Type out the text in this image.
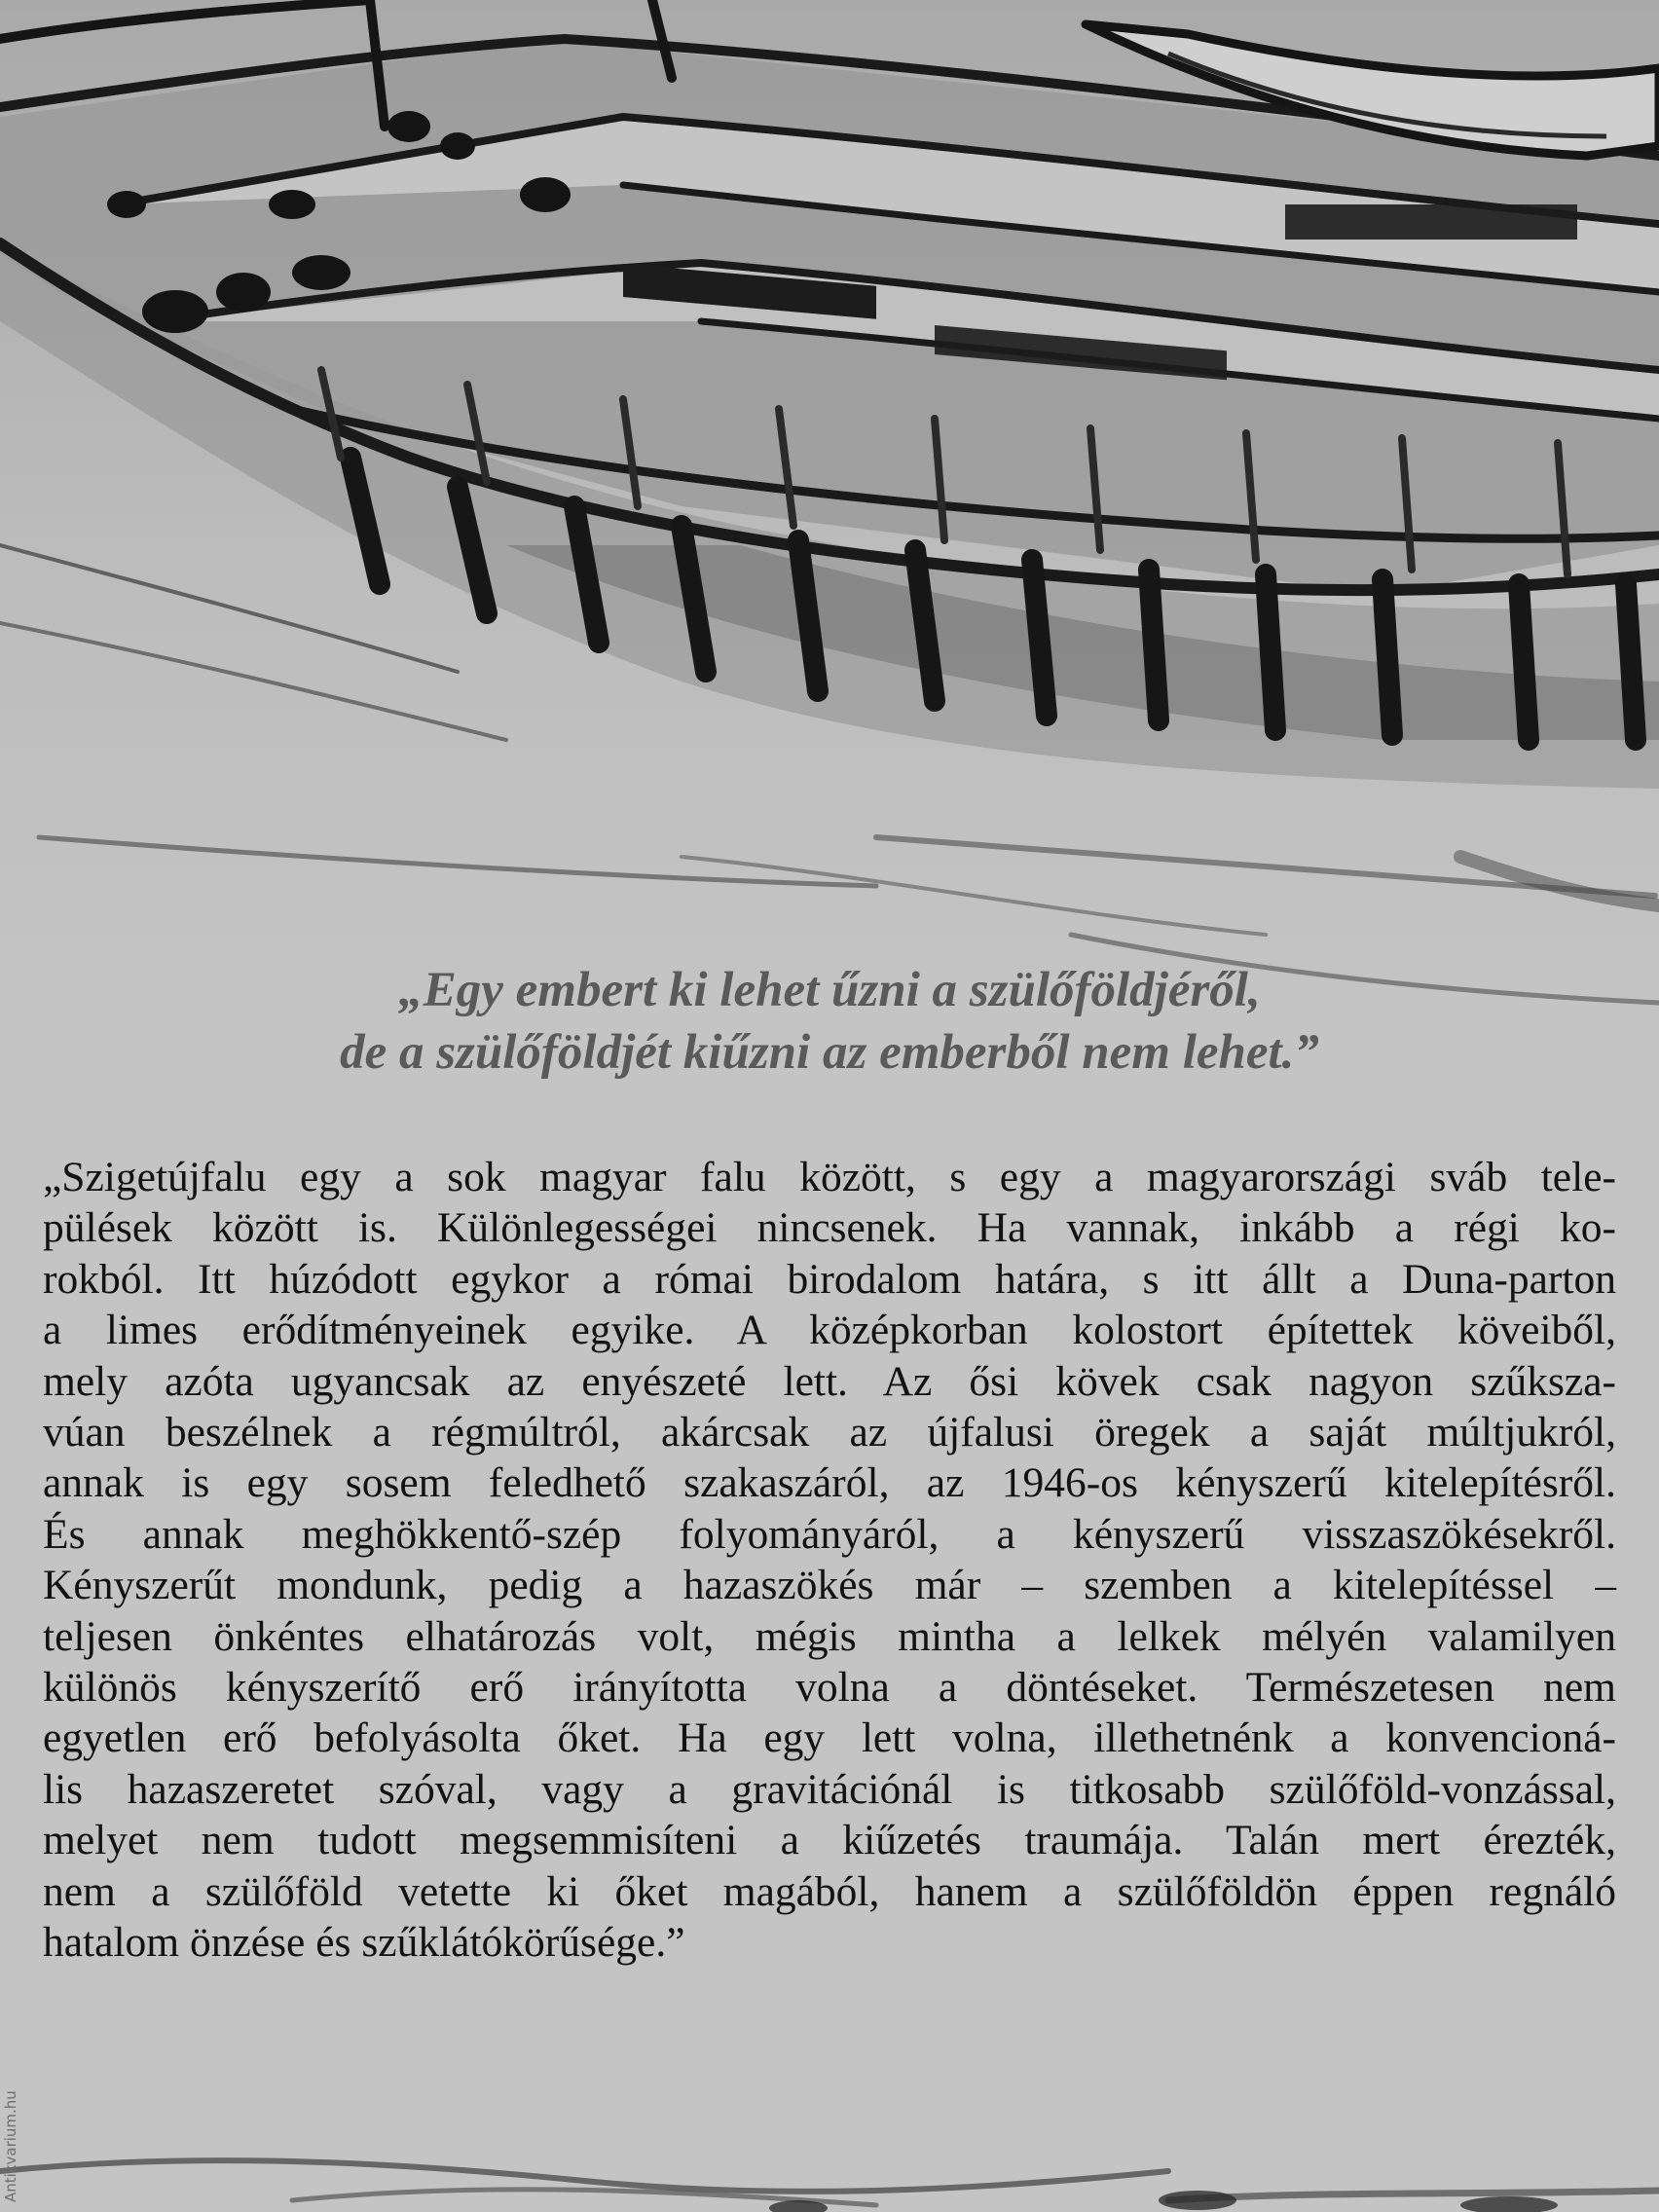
„Egy embert ki lehet űzni a szülőföldjéről,
de a szülőföldjét kiűzni az emberből nem lehet.”
„Szigetújfalu egy a sok magyar falu között, s egy a magyarországi sváb tele-
pülések között is. Különlegességei nincsenek. Ha vannak, inkább a régi ko-
rokból. Itt húzódott egykor a római birodalom határa, s itt állt a Duna-parton
a limes erődítményeinek egyike. A középkorban kolostort építettek köveiből,
mely azóta ugyancsak az enyészeté lett. Az ősi kövek csak nagyon szűksza-
vúan beszélnek a régmúltról, akárcsak az újfalusi öregek a saját múltjukról,
annak is egy sosem feledhető szakaszáról, az 1946-os kényszerű kitelepítésről.
És annak meghökkentő-szép folyományáról, a kényszerű visszaszökésekről.
Kényszerűt mondunk, pedig a hazaszökés már – szemben a kitelepítéssel –
teljesen önkéntes elhatározás volt, mégis mintha a lelkek mélyén valamilyen
különös kényszerítő erő irányította volna a döntéseket. Természetesen nem
egyetlen erő befolyásolta őket. Ha egy lett volna, illethetnénk a konvencioná-
lis hazaszeretet szóval, vagy a gravitációnál is titkosabb szülőföld-vonzással,
melyet nem tudott megsemmisíteni a kiűzetés traumája. Talán mert érezték,
nem a szülőföld vetette ki őket magából, hanem a szülőföldön éppen regnáló
hatalom önzése és szűklátókörűsége.”
Antikvarium.hu
